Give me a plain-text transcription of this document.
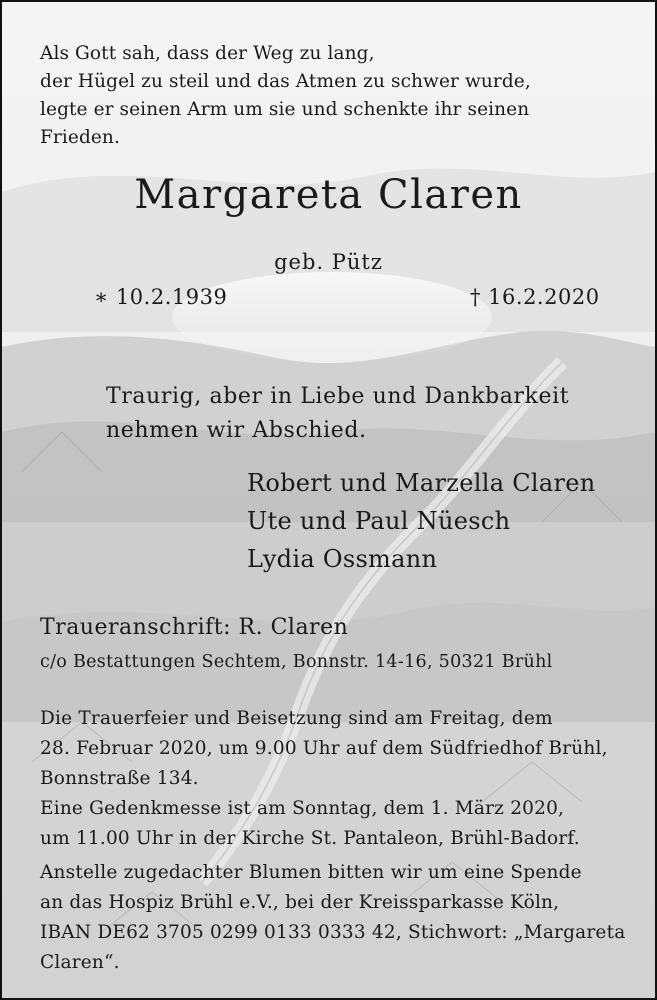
Als Gott sah, dass der Weg zu lang,
der Hügel zu steil und das Atmen zu schwer wurde,
legte er seinen Arm um sie und schenkte ihr seinen
Frieden.
Margareta Claren
geb. Pütz
∗ 10.2.1939	† 16.2.2020
Traurig, aber in Liebe und Dankbarkeit
nehmen wir Abschied.
Robert und Marzella Claren
Ute und Paul Nüesch
Lydia Ossmann
Traueranschrift: R. Claren
c/o Bestattungen Sechtem, Bonnstr. 14-16, 50321 Brühl
Die Trauerfeier und Beisetzung sind am Freitag, dem
28. Februar 2020, um 9.00 Uhr auf dem Südfriedhof Brühl,
Bonnstraße 134.
Eine Gedenkmesse ist am Sonntag, dem 1. März 2020,
um 11.00 Uhr in der Kirche St. Pantaleon, Brühl-Badorf.
Anstelle zugedachter Blumen bitten wir um eine Spende
an das Hospiz Brühl e.V., bei der Kreissparkasse Köln,
IBAN DE62 3705 0299 0133 0333 42, Stichwort: „Margareta
Claren“.
